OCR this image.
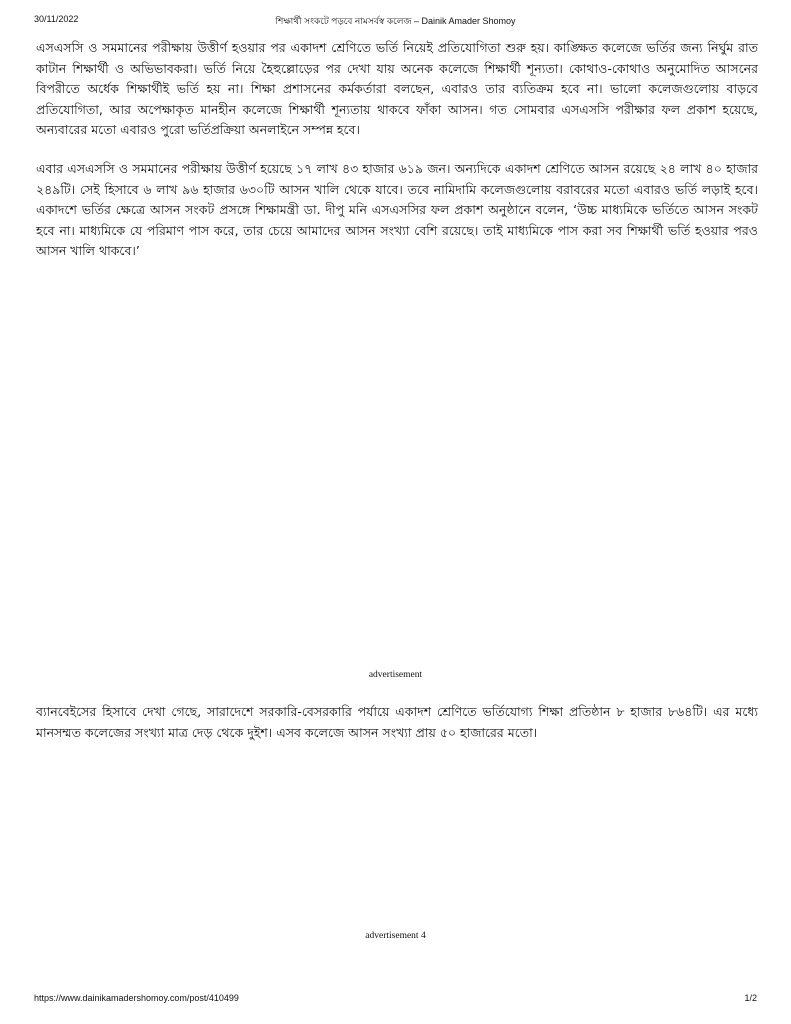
30/11/2022	শিক্ষার্থী সংকটে পড়বে নামসর্বস্ব কলেজ – Dainik Amader Shomoy

এসএসসি ও সমমানের পরীক্ষায় উত্তীর্ণ হওয়ার পর একাদশ শ্রেণিতে ভর্তি নিয়েই প্রতিযোগিতা শুরু হয়। কাঙ্ক্ষিত কলেজে ভর্তির জন্য নির্ঘুম রাত কাটান শিক্ষার্থী ও অভিভাবকরা। ভর্তি নিয়ে হৈহুল্লোড়ের পর দেখা যায় অনেক কলেজে শিক্ষার্থী শূন্যতা। কোথাও-কোথাও অনুমোদিত আসনের বিপরীতে অর্ধেক শিক্ষার্থীই ভর্তি হয় না। শিক্ষা প্রশাসনের কর্মকর্তারা বলছেন, এবারও তার ব্যতিক্রম হবে না। ভালো কলেজগুলোয় বাড়বে প্রতিযোগিতা, আর অপেক্ষাকৃত মানহীন কলেজে শিক্ষার্থী শূন্যতায় থাকবে ফাঁকা আসন। গত সোমবার এসএসসি পরীক্ষার ফল প্রকাশ হয়েছে, অন্যবারের মতো এবারও পুরো ভর্তিপ্রক্রিয়া অনলাইনে সম্পন্ন হবে।

এবার এসএসসি ও সমমানের পরীক্ষায় উত্তীর্ণ হয়েছে ১৭ লাখ ৪৩ হাজার ৬১৯ জন। অন্যদিকে একাদশ শ্রেণিতে আসন রয়েছে ২৪ লাখ ৪০ হাজার ২৪৯টি। সেই হিসাবে ৬ লাখ ৯৬ হাজার ৬৩০টি আসন খালি থেকে যাবে। তবে নামিদামি কলেজগুলোয় বরাবরের মতো এবারও ভর্তি লড়াই হবে। একাদশে ভর্তির ক্ষেত্রে আসন সংকট প্রসঙ্গে শিক্ষামন্ত্রী ডা. দীপু মনি এসএসসির ফল প্রকাশ অনুষ্ঠানে বলেন, ‘উচ্চ মাধ্যমিকে ভর্তিতে আসন সংকট হবে না। মাধ্যমিকে যে পরিমাণ পাস করে, তার চেয়ে আমাদের আসন সংখ্যা বেশি রয়েছে। তাই মাধ্যমিকে পাস করা সব শিক্ষার্থী ভর্তি হওয়ার পরও আসন খালি থাকবে।’

advertisement

ব্যানবেইসের হিসাবে দেখা গেছে, সারাদেশে সরকারি-বেসরকারি পর্যায়ে একাদশ শ্রেণিতে ভর্তিযোগ্য শিক্ষা প্রতিষ্ঠান ৮ হাজার ৮৬৪টি। এর মধ্যে মানসম্মত কলেজের সংখ্যা মাত্র দেড় থেকে দুইশ। এসব কলেজে আসন সংখ্যা প্রায় ৫০ হাজারের মতো।

advertisement 4
https://www.dainikamadershomoy.com/post/410499	1/2
